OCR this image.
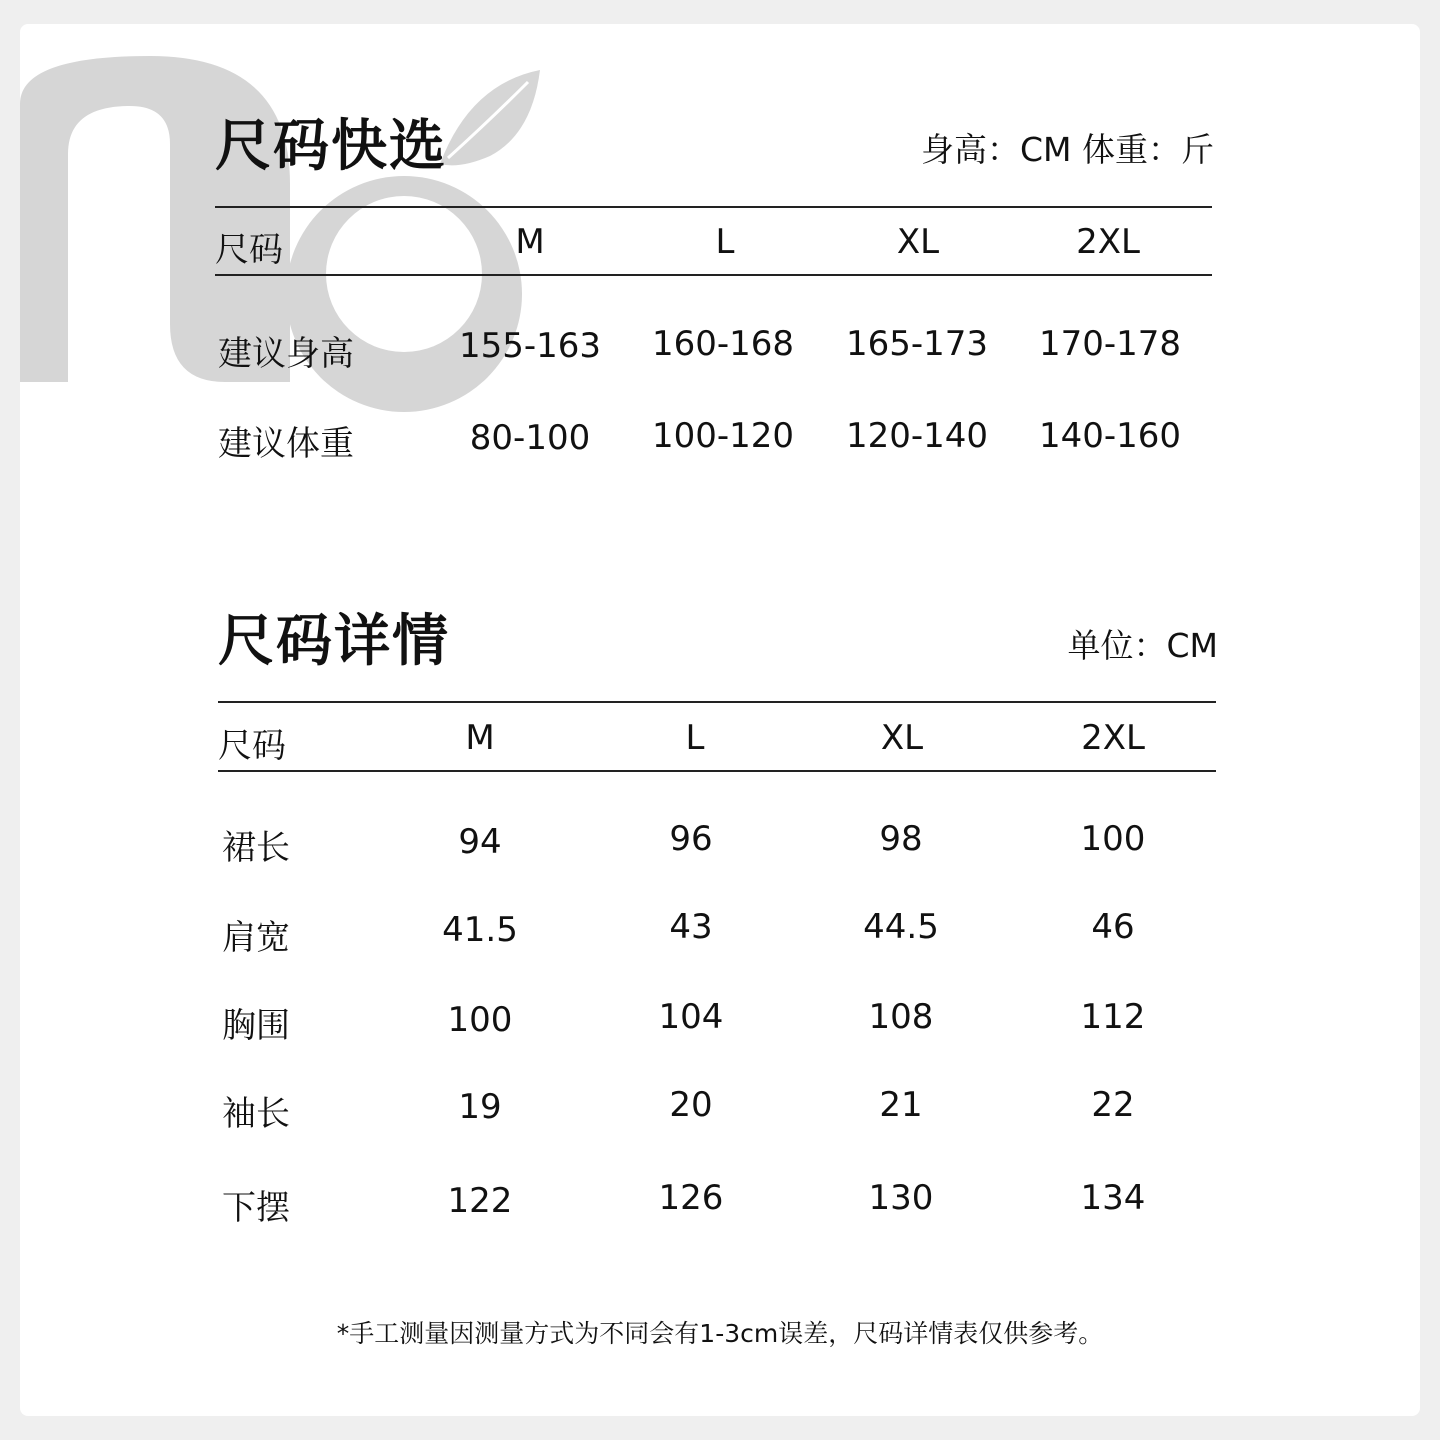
尺码快选	身高：CM 体重：斤
尺码	M	L	XL	2XL
建议身高	155-163	160-168	165-173	170-178
建议体重	80-100	100-120	120-140	140-160
尺码详情	单位：CM
尺码	M	L	XL	2XL
裙长	94	96	98	100
肩宽	41.5	43	44.5	46
胸围	100	104	108	112
袖长	19	20	21	22
下摆	122	126	130	134
*手工测量因测量方式为不同会有1-3cm误差，尺码详情表仅供参考。
